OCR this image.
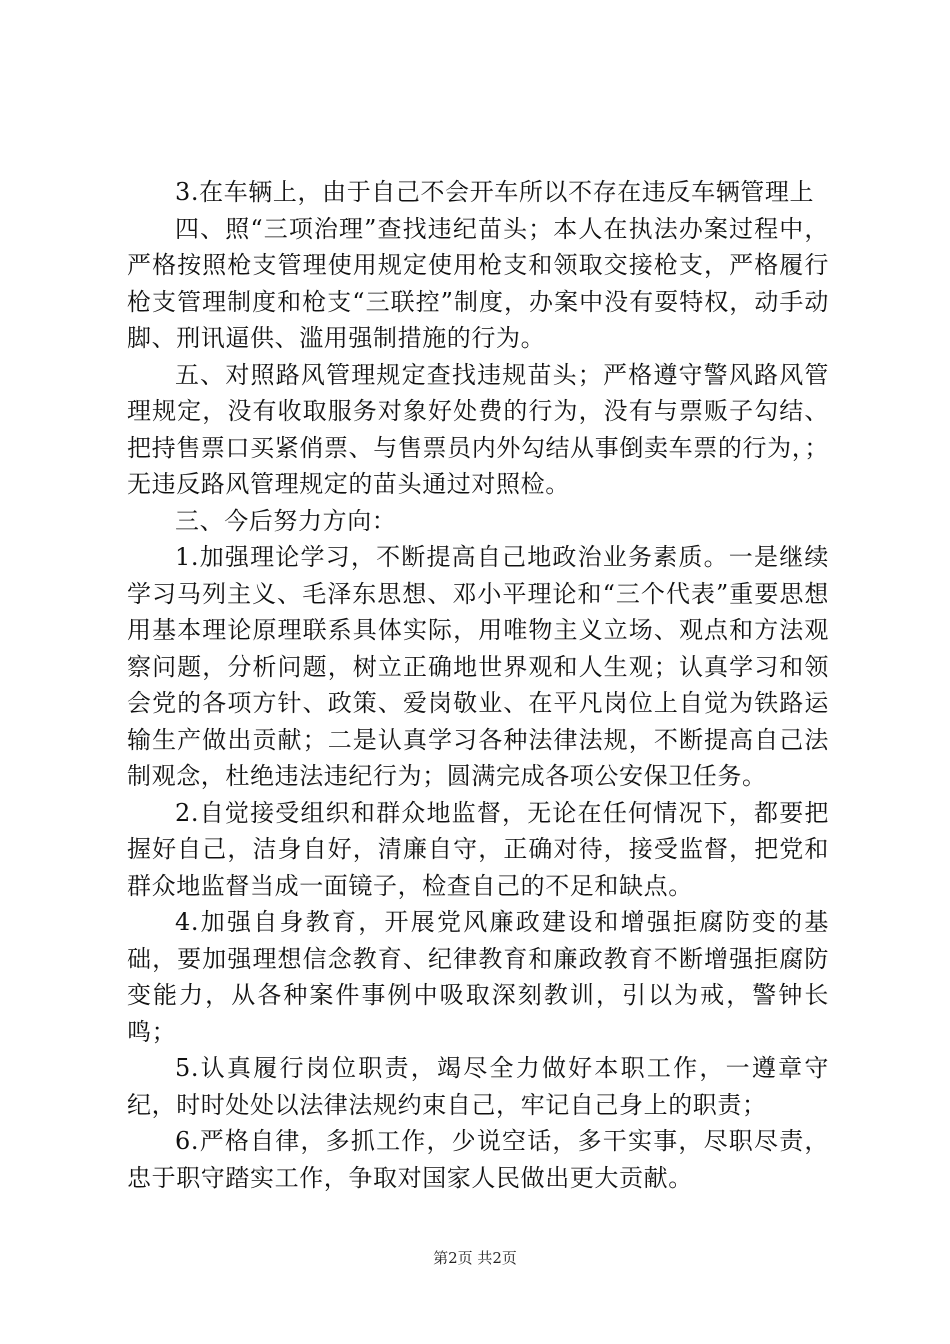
3.在车辆上，由于自己不会开车所以不存在违反车辆管理上

四、照“三项治理”查找违纪苗头；本人在执法办案过程中，严格按照枪支管理使用规定使用枪支和领取交接枪支，严格履行枪支管理制度和枪支“三联控”制度，办案中没有耍特权，动手动脚、刑讯逼供、滥用强制措施的行为。

五、对照路风管理规定查找违规苗头；严格遵守警风路风管理规定，没有收取服务对象好处费的行为，没有与票贩子勾结、把持售票口买紧俏票、与售票员内外勾结从事倒卖车票的行为，；无违反路风管理规定的苗头通过对照检。

三、今后努力方向：

1.加强理论学习，不断提高自己地政治业务素质。一是继续学习马列主义、毛泽东思想、邓小平理论和“三个代表”重要思想用基本理论原理联系具体实际，用唯物主义立场、观点和方法观察问题，分析问题，树立正确地世界观和人生观；认真学习和领会党的各项方针、政策、爱岗敬业、在平凡岗位上自觉为铁路运输生产做出贡献；二是认真学习各种法律法规，不断提高自己法制观念，杜绝违法违纪行为；圆满完成各项公安保卫任务。

2.自觉接受组织和群众地监督，无论在任何情况下，都要把握好自己，洁身自好，清廉自守，正确对待，接受监督，把党和群众地监督当成一面镜子，检查自己的不足和缺点。

4.加强自身教育，开展党风廉政建设和增强拒腐防变的基础，要加强理想信念教育、纪律教育和廉政教育不断增强拒腐防变能力，从各种案件事例中吸取深刻教训，引以为戒，警钟长鸣；

5.认真履行岗位职责，竭尽全力做好本职工作，一遵章守纪，时时处处以法律法规约束自己，牢记自己身上的职责；

6.严格自律，多抓工作，少说空话，多干实事，尽职尽责，忠于职守踏实工作，争取对国家人民做出更大贡献。

第2页 共2页
